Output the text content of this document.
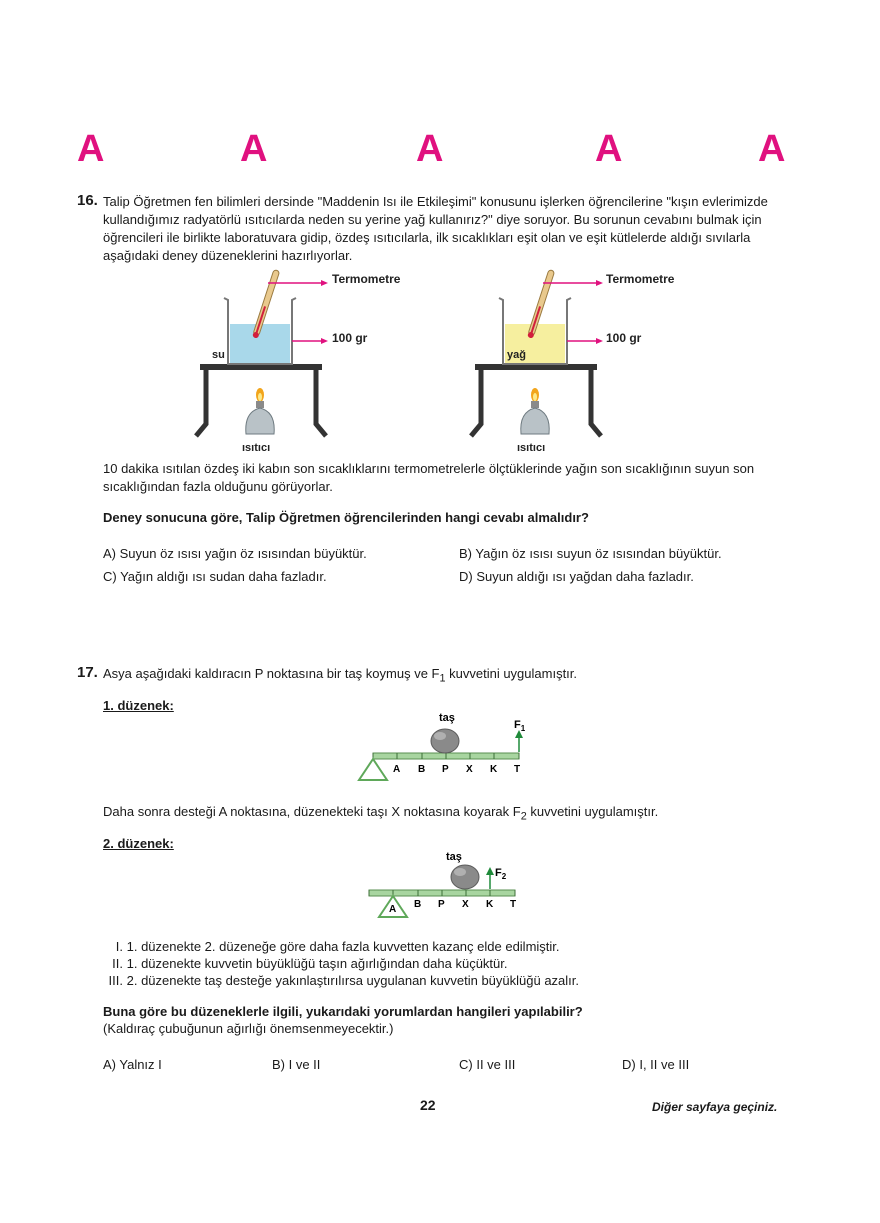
A	A	A	A	A
16. Talip Öğretmen fen bilimleri dersinde "Maddenin Isı ile Etkileşimi" konusunu işlerken öğrencilerine "kışın evlerimizde kullandığımız radyatörlü ısıtıcılarda neden su yerine yağ kullanırız?" diye soruyor. Bu sorunun cevabını bulmak için öğrencileri ile birlikte laboratuvara gidip, özdeş ısıtıcılarla, ilk sıcaklıkları eşit olan ve eşit kütlelerde aldığı sıvılarla aşağıdaki deney düzeneklerini hazırlıyorlar.
su
Termometre
100 gr
ısıtıcı
yağ
Termometre
100 gr
ısıtıcı
10 dakika ısıtılan özdeş iki kabın son sıcaklıklarını termometrelerle ölçtüklerinde yağın son sıcaklığının suyun son sıcaklığından fazla olduğunu görüyorlar.
Deney sonucuna göre, Talip Öğretmen öğrencilerinden hangi cevabı almalıdır?
A) Suyun öz ısısı yağın öz ısısından büyüktür.	B) Yağın öz ısısı suyun öz ısısından büyüktür.
C) Yağın aldığı ısı sudan daha fazladır.	D) Suyun aldığı ısı yağdan daha fazladır.
17. Asya aşağıdaki kaldıracın P noktasına bir taş koymuş ve $F_1$ kuvvetini uygulamıştır.
1. düzenek:
taş
$F_1$
A B P X K T
Daha sonra desteği A noktasına, düzenekteki taşı X noktasına koyarak $F_2$ kuvvetini uygulamıştır.
2. düzenek:
taş
$F_2$
A B P X K T
I. 1. düzenekte 2. düzeneğe göre daha fazla kuvvetten kazanç elde edilmiştir.
II. 1. düzenekte kuvvetin büyüklüğü taşın ağırlığından daha küçüktür.
III. 2. düzenekte taş desteğe yakınlaştırılırsa uygulanan kuvvetin büyüklüğü azalır.
Buna göre bu düzeneklerle ilgili, yukarıdaki yorumlardan hangileri yapılabilir?
(Kaldıraç çubuğunun ağırlığı önemsenmeyecektir.)
A) Yalnız I	B) I ve II	C) II ve III	D) I, II ve III
22	Diğer sayfaya geçiniz.
